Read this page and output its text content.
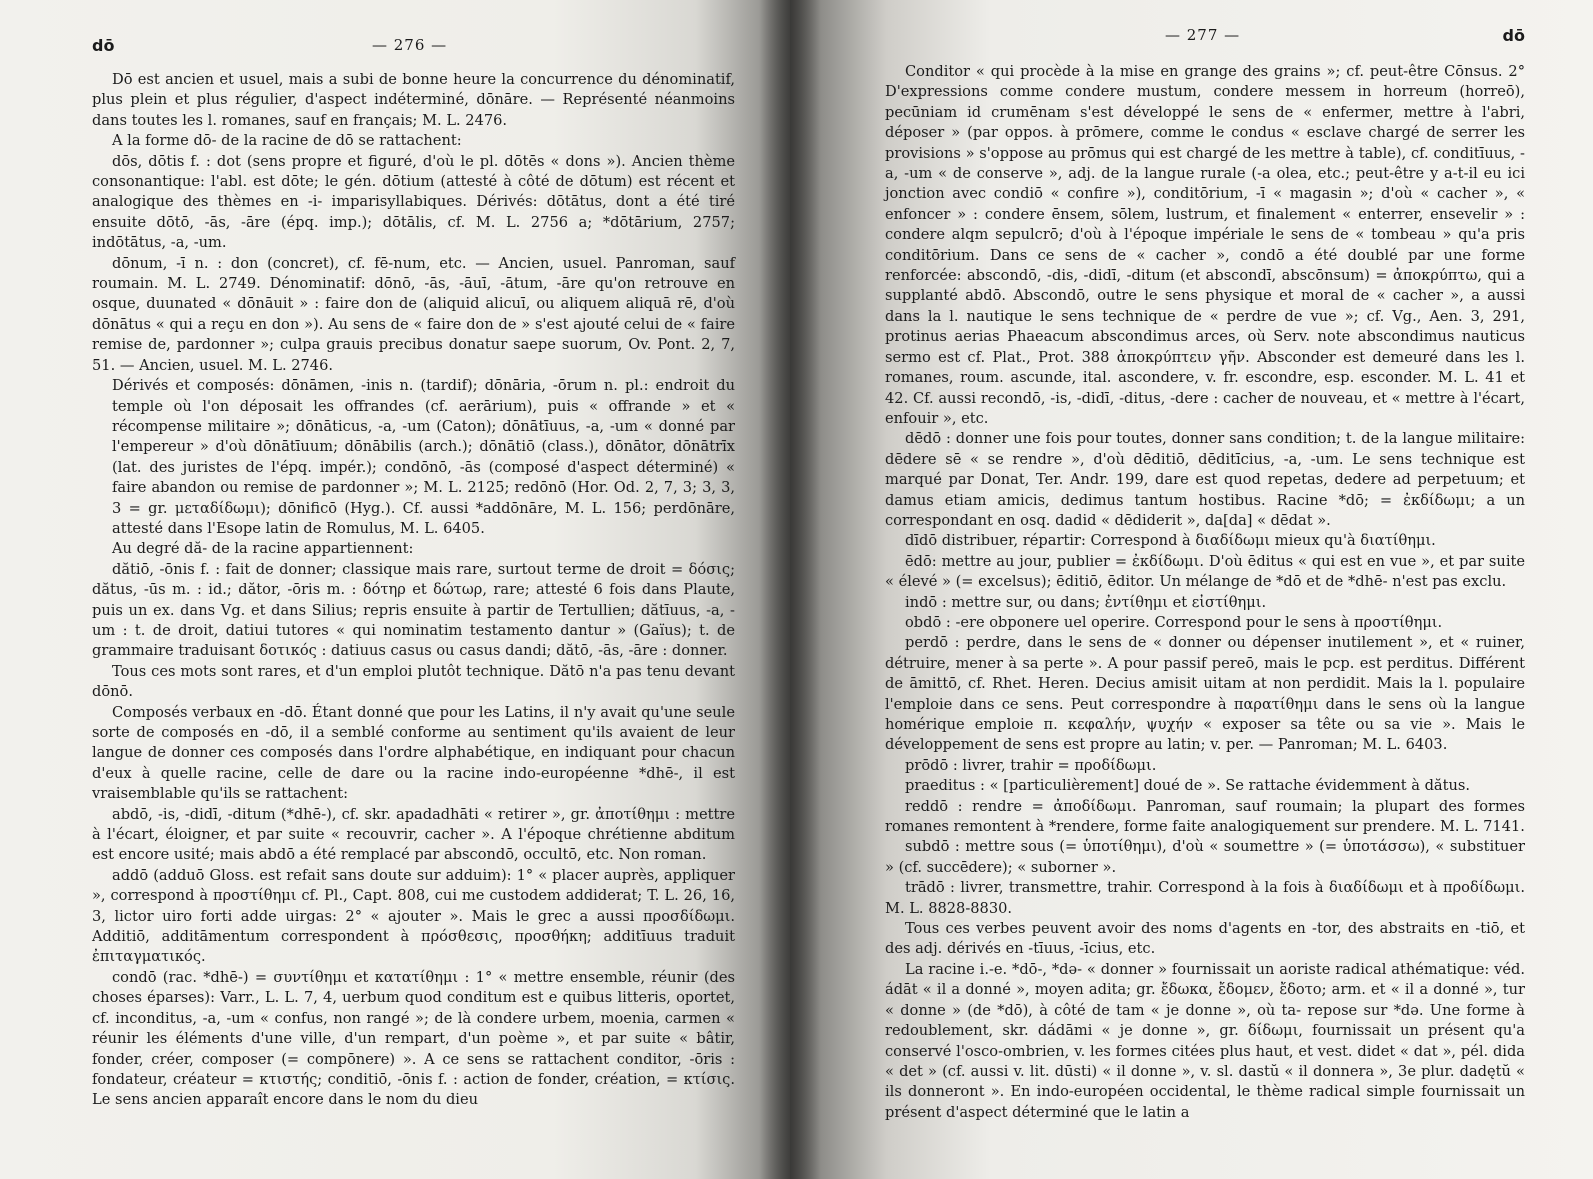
dō	— 276 —

Dō est ancien et usuel, mais a subi de bonne heure la concurrence du dénominatif, plus plein et plus régulier, d'aspect indéterminé, dōnāre. — Représenté néanmoins dans toutes les l. romanes, sauf en français; M. L. 2476.

A la forme dō- de la racine de dō se rattachent:

dōs, dōtis f. : dot (sens propre et figuré, d'où le pl. dōtēs « dons »). Ancien thème consonantique: l'abl. est dōte; le gén. dōtium (attesté à côté de dōtum) est récent et analogique des thèmes en -i- imparisyllabiques. Dérivés: dōtātus, dont a été tiré ensuite dōtō, -ās, -āre (épq. imp.); dōtālis, cf. M. L. 2756 a; *dōtārium, 2757; indōtātus, -a, -um.

dōnum, -ī n. : don (concret), cf. fē-num, etc. — Ancien, usuel. Panroman, sauf roumain. M. L. 2749. Dénominatif: dōnō, -ās, -āuī, -ātum, -āre qu'on retrouve en osque, duunated « dōnāuit » : faire don de (aliquid alicuī, ou aliquem aliquā rē, d'où dōnātus « qui a reçu en don »). Au sens de « faire don de » s'est ajouté celui de « faire remise de, pardonner »; culpa grauis precibus donatur saepe suorum, Ov. Pont. 2, 7, 51. — Ancien, usuel. M. L. 2746.

Dérivés et composés: dōnāmen, -inis n. (tardif); dōnāria, -ōrum n. pl.: endroit du temple où l'on déposait les offrandes (cf. aerārium), puis « offrande » et « récompense militaire »; dōnāticus, -a, -um (Caton); dōnātīuus, -a, -um « donné par l'empereur » d'où dōnātīuum; dōnābilis (arch.); dōnātiō (class.), dōnātor, dōnātrīx (lat. des juristes de l'épq. impér.); condōnō, -ās (composé d'aspect déterminé) « faire abandon ou remise de pardonner »; M. L. 2125; redōnō (Hor. Od. 2, 7, 3; 3, 3, 3 = gr. μεταδίδωμι); dōnificō (Hyg.). Cf. aussi *addōnāre, M. L. 156; perdōnāre, attesté dans l'Esope latin de Romulus, M. L. 6405.

Au degré dă- de la racine appartiennent:

dătiō, -ōnis f. : fait de donner; classique mais rare, surtout terme de droit = δόσις; dătus, -ūs m. : id.; dător, -ōris m. : δότηρ et δώτωρ, rare; attesté 6 fois dans Plaute, puis un ex. dans Vg. et dans Silius; repris ensuite à partir de Tertullien; dătīuus, -a, -um : t. de droit, datiui tutores « qui nominatim testamento dantur » (Gaïus); t. de grammaire traduisant δοτικός : datiuus casus ou casus dandi; dătō, -ās, -āre : donner.

Tous ces mots sont rares, et d'un emploi plutôt technique. Dătō n'a pas tenu devant dōnō.

Composés verbaux en -dō. Étant donné que pour les Latins, il n'y avait qu'une seule sorte de composés en -dō, il a semblé conforme au sentiment qu'ils avaient de leur langue de donner ces composés dans l'ordre alphabétique, en indiquant pour chacun d'eux à quelle racine, celle de dare ou la racine indo-européenne *dhē-, il est vraisemblable qu'ils se rattachent:

abdō, -is, -didī, -ditum (*dhē-), cf. skr. apadadhāti « retirer », gr. ἀποτίθημι : mettre à l'écart, éloigner, et par suite « recouvrir, cacher ». A l'époque chrétienne abditum est encore usité; mais abdō a été remplacé par abscondō, occultō, etc. Non roman.

addō (adduō Gloss. est refait sans doute sur adduim): 1° « placer auprès, appliquer », correspond à προστίθημι cf. Pl., Capt. 808, cui me custodem addiderat; T. L. 26, 16, 3, lictor uiro forti adde uirgas: 2° « ajouter ». Mais le grec a aussi προσδίδωμι. Additiō, additāmentum correspondent à πρόσθεσις, προσθήκη; additīuus traduit ἐπιταγματικός.

condō (rac. *dhē-) = συντίθημι et κατατίθημι : 1° « mettre ensemble, réunir (des choses éparses): Varr., L. L. 7, 4, uerbum quod conditum est e quibus litteris, oportet, cf. inconditus, -a, -um « confus, non rangé »; de là condere urbem, moenia, carmen « réunir les éléments d'une ville, d'un rempart, d'un poème », et par suite « bâtir, fonder, créer, composer (= compōnere) ». A ce sens se rattachent conditor, -ōris : fondateur, créateur = κτιστής; conditiō, -ōnis f. : action de fonder, création, = κτίσις. Le sens ancien apparaît encore dans le nom du dieu

— 277 —	dō

Conditor « qui procède à la mise en grange des grains »; cf. peut-être Cōnsus. 2° D'expressions comme condere mustum, condere messem in horreum (horreō), pecūniam id crumēnam s'est développé le sens de « enfermer, mettre à l'abri, déposer » (par oppos. à prōmere, comme le condus « esclave chargé de serrer les provisions » s'oppose au prōmus qui est chargé de les mettre à table), cf. conditīuus, -a, -um « de conserve », adj. de la langue rurale (-a olea, etc.; peut-être y a-t-il eu ici jonction avec condiō « confire »), conditōrium, -ī « magasin »; d'où « cacher », « enfoncer » : condere ēnsem, sōlem, lustrum, et finalement « enterrer, ensevelir » : condere alqm sepulcrō; d'où à l'époque impériale le sens de « tombeau » qu'a pris conditōrium. Dans ce sens de « cacher », condō a été doublé par une forme renforcée: abscondō, -dis, -didī, -ditum (et abscondī, abscōnsum) = ἀποκρύπτω, qui a supplanté abdō. Abscondō, outre le sens physique et moral de « cacher », a aussi dans la l. nautique le sens technique de « perdre de vue »; cf. Vg., Aen. 3, 291, protinus aerias Phaeacum abscondimus arces, où Serv. note abscondimus nauticus sermo est cf. Plat., Prot. 388 ἀποκρύπτειν γῆν. Absconder est demeuré dans les l. romanes, roum. ascunde, ital. ascondere, v. fr. escondre, esp. esconder. M. L. 41 et 42. Cf. aussi recondō, -is, -didī, -ditus, -dere : cacher de nouveau, et « mettre à l'écart, enfouir », etc.

dēdō : donner une fois pour toutes, donner sans condition; t. de la langue militaire: dēdere sē « se rendre », d'où dēditiō, dēditīcius, -a, -um. Le sens technique est marqué par Donat, Ter. Andr. 199, dare est quod repetas, dedere ad perpetuum; et damus etiam amicis, dedimus tantum hostibus. Racine *dō; = ἐκδίδωμι; a un correspondant en osq. dadid « dēdiderit », da[da] « dēdat ».

dīdō distribuer, répartir: Correspond à διαδίδωμι mieux qu'à διατίθημι.

ēdō: mettre au jour, publier = ἐκδίδωμι. D'où ēditus « qui est en vue », et par suite « élevé » (= excelsus); ēditiō, ēditor. Un mélange de *dō et de *dhē- n'est pas exclu.

indō : mettre sur, ou dans; ἐντίθημι et εἰστίθημι.

obdō : -ere obponere uel operire. Correspond pour le sens à προστίθημι.

perdō : perdre, dans le sens de « donner ou dépenser inutilement », et « ruiner, détruire, mener à sa perte ». A pour passif pereō, mais le pcp. est perditus. Différent de āmittō, cf. Rhet. Heren. Decius amisit uitam at non perdidit. Mais la l. populaire l'emploie dans ce sens. Peut correspondre à παρατίθημι dans le sens où la langue homérique emploie π. κεφαλήν, ψυχήν « exposer sa tête ou sa vie ». Mais le développement de sens est propre au latin; v. per. — Panroman; M. L. 6403.

prōdō : livrer, trahir = προδίδωμι.

praeditus : « [particulièrement] doué de ». Se rattache évidemment à dătus.

reddō : rendre = ἀποδίδωμι. Panroman, sauf roumain; la plupart des formes romanes remontent à *rendere, forme faite analogiquement sur prendere. M. L. 7141.

subdō : mettre sous (= ὑποτίθημι), d'où « soumettre » (= ὑποτάσσω), « substituer » (cf. succēdere); « suborner ».

trādō : livrer, transmettre, trahir. Correspond à la fois à διαδίδωμι et à προδίδωμι. M. L. 8828-8830.

Tous ces verbes peuvent avoir des noms d'agents en -tor, des abstraits en -tiō, et des adj. dérivés en -tīuus, -īcius, etc.

La racine i.-e. *dō-, *də- « donner » fournissait un aoriste radical athématique: véd. ádāt « il a donné », moyen adita; gr. ἔδωκα, ἔδομεν, ἔδοτο; arm. et « il a donné », tur « donne » (de *dō), à côté de tam « je donne », où ta- repose sur *də. Une forme à redoublement, skr. dádāmi « je donne », gr. δίδωμι, fournissait un présent qu'a conservé l'osco-ombrien, v. les formes citées plus haut, et vest. didet « dat », pél. dida « det » (cf. aussi v. lit. dūsti) « il donne », v. sl. dastŭ « il donnera », 3e plur. dadętŭ « ils donneront ». En indo-européen occidental, le thème radical simple fournissait un présent d'aspect déterminé que le latin a
